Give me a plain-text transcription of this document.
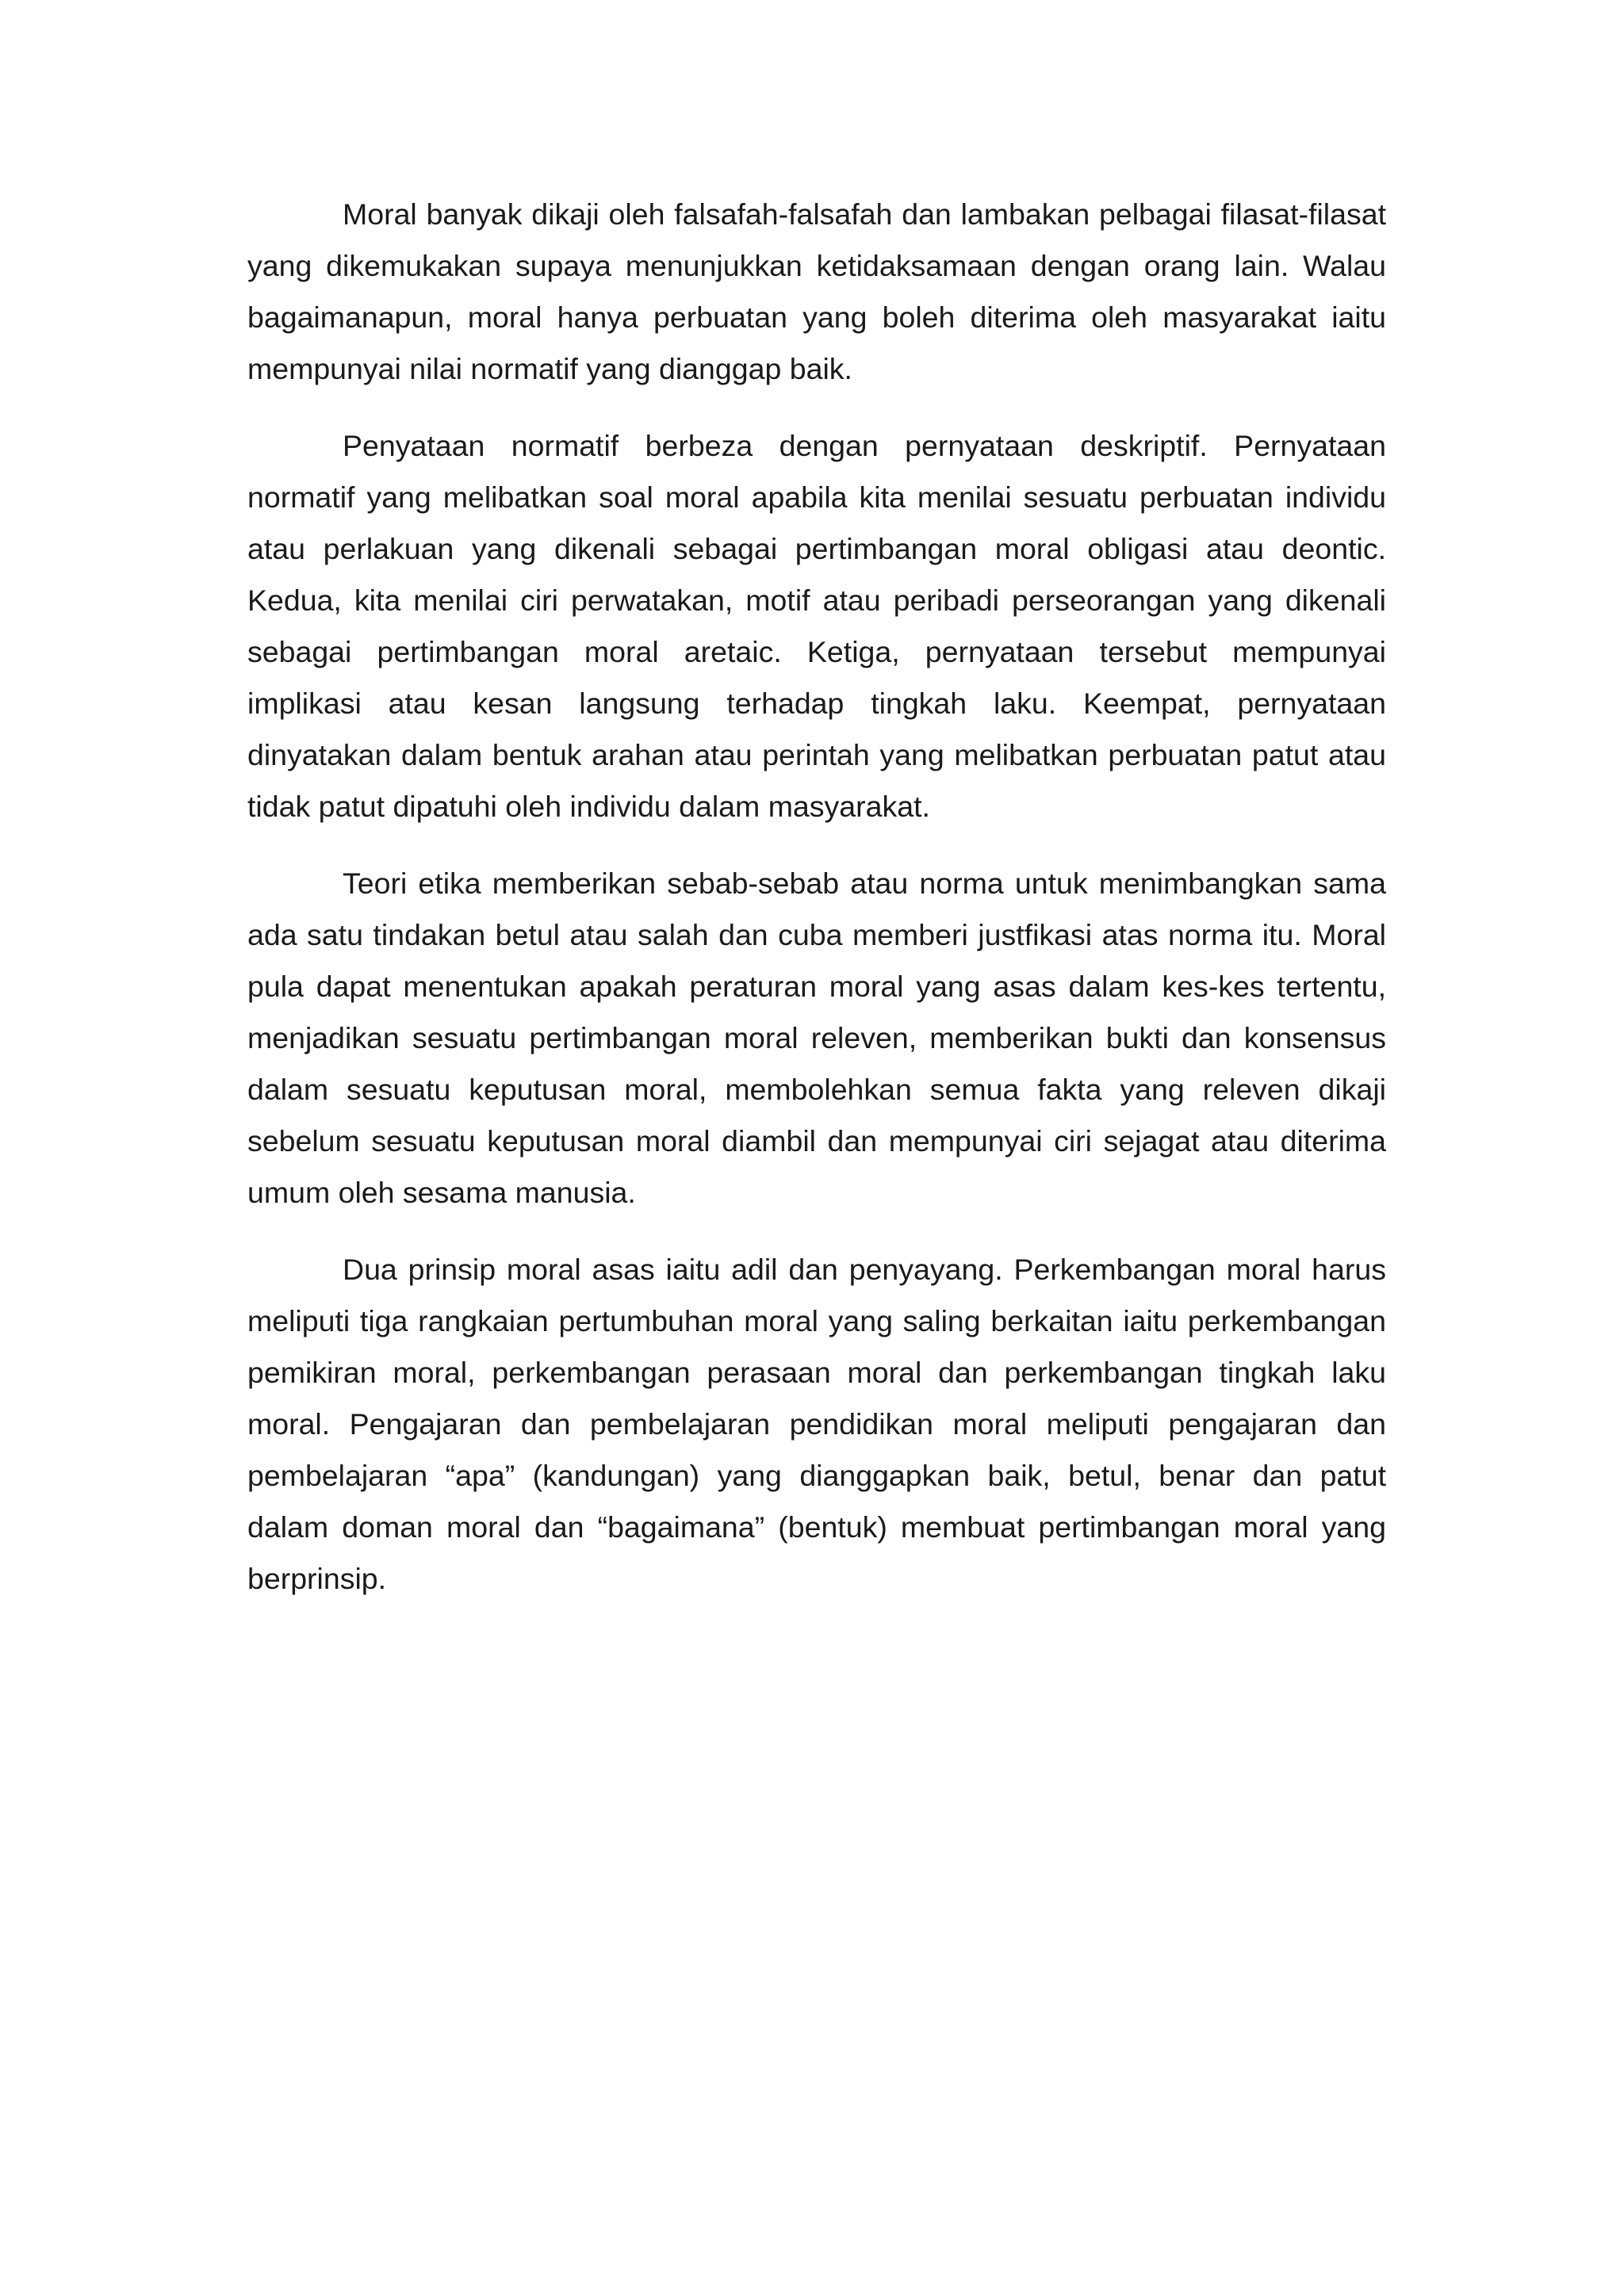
Moral banyak dikaji oleh falsafah-falsafah dan lambakan pelbagai filasat-filasat yang dikemukakan supaya menunjukkan ketidaksamaan dengan orang lain. Walau bagaimanapun, moral hanya perbuatan yang boleh diterima oleh masyarakat iaitu mempunyai nilai normatif yang dianggap baik.

Penyataan normatif berbeza dengan pernyataan deskriptif. Pernyataan normatif yang melibatkan soal moral apabila kita menilai sesuatu perbuatan individu atau perlakuan yang dikenali sebagai pertimbangan moral obligasi atau deontic. Kedua, kita menilai ciri perwatakan, motif atau peribadi perseorangan yang dikenali sebagai pertimbangan moral aretaic. Ketiga, pernyataan tersebut mempunyai implikasi atau kesan langsung terhadap tingkah laku. Keempat, pernyataan dinyatakan dalam bentuk arahan atau perintah yang melibatkan perbuatan patut atau tidak patut dipatuhi oleh individu dalam masyarakat.

Teori etika memberikan sebab-sebab atau norma untuk menimbangkan sama ada satu tindakan betul atau salah dan cuba memberi justfikasi atas norma itu. Moral pula dapat menentukan apakah peraturan moral yang asas dalam kes-kes tertentu, menjadikan sesuatu pertimbangan moral releven, memberikan bukti dan konsensus dalam sesuatu keputusan moral, membolehkan semua fakta yang releven dikaji sebelum sesuatu keputusan moral diambil dan mempunyai ciri sejagat atau diterima umum oleh sesama manusia.

Dua prinsip moral asas iaitu adil dan penyayang. Perkembangan moral harus meliputi tiga rangkaian pertumbuhan moral yang saling berkaitan iaitu perkembangan pemikiran moral, perkembangan perasaan moral dan perkembangan tingkah laku moral. Pengajaran dan pembelajaran pendidikan moral meliputi pengajaran dan pembelajaran “apa” (kandungan) yang dianggapkan baik, betul, benar dan patut dalam doman moral dan “bagaimana” (bentuk) membuat pertimbangan moral yang berprinsip.
